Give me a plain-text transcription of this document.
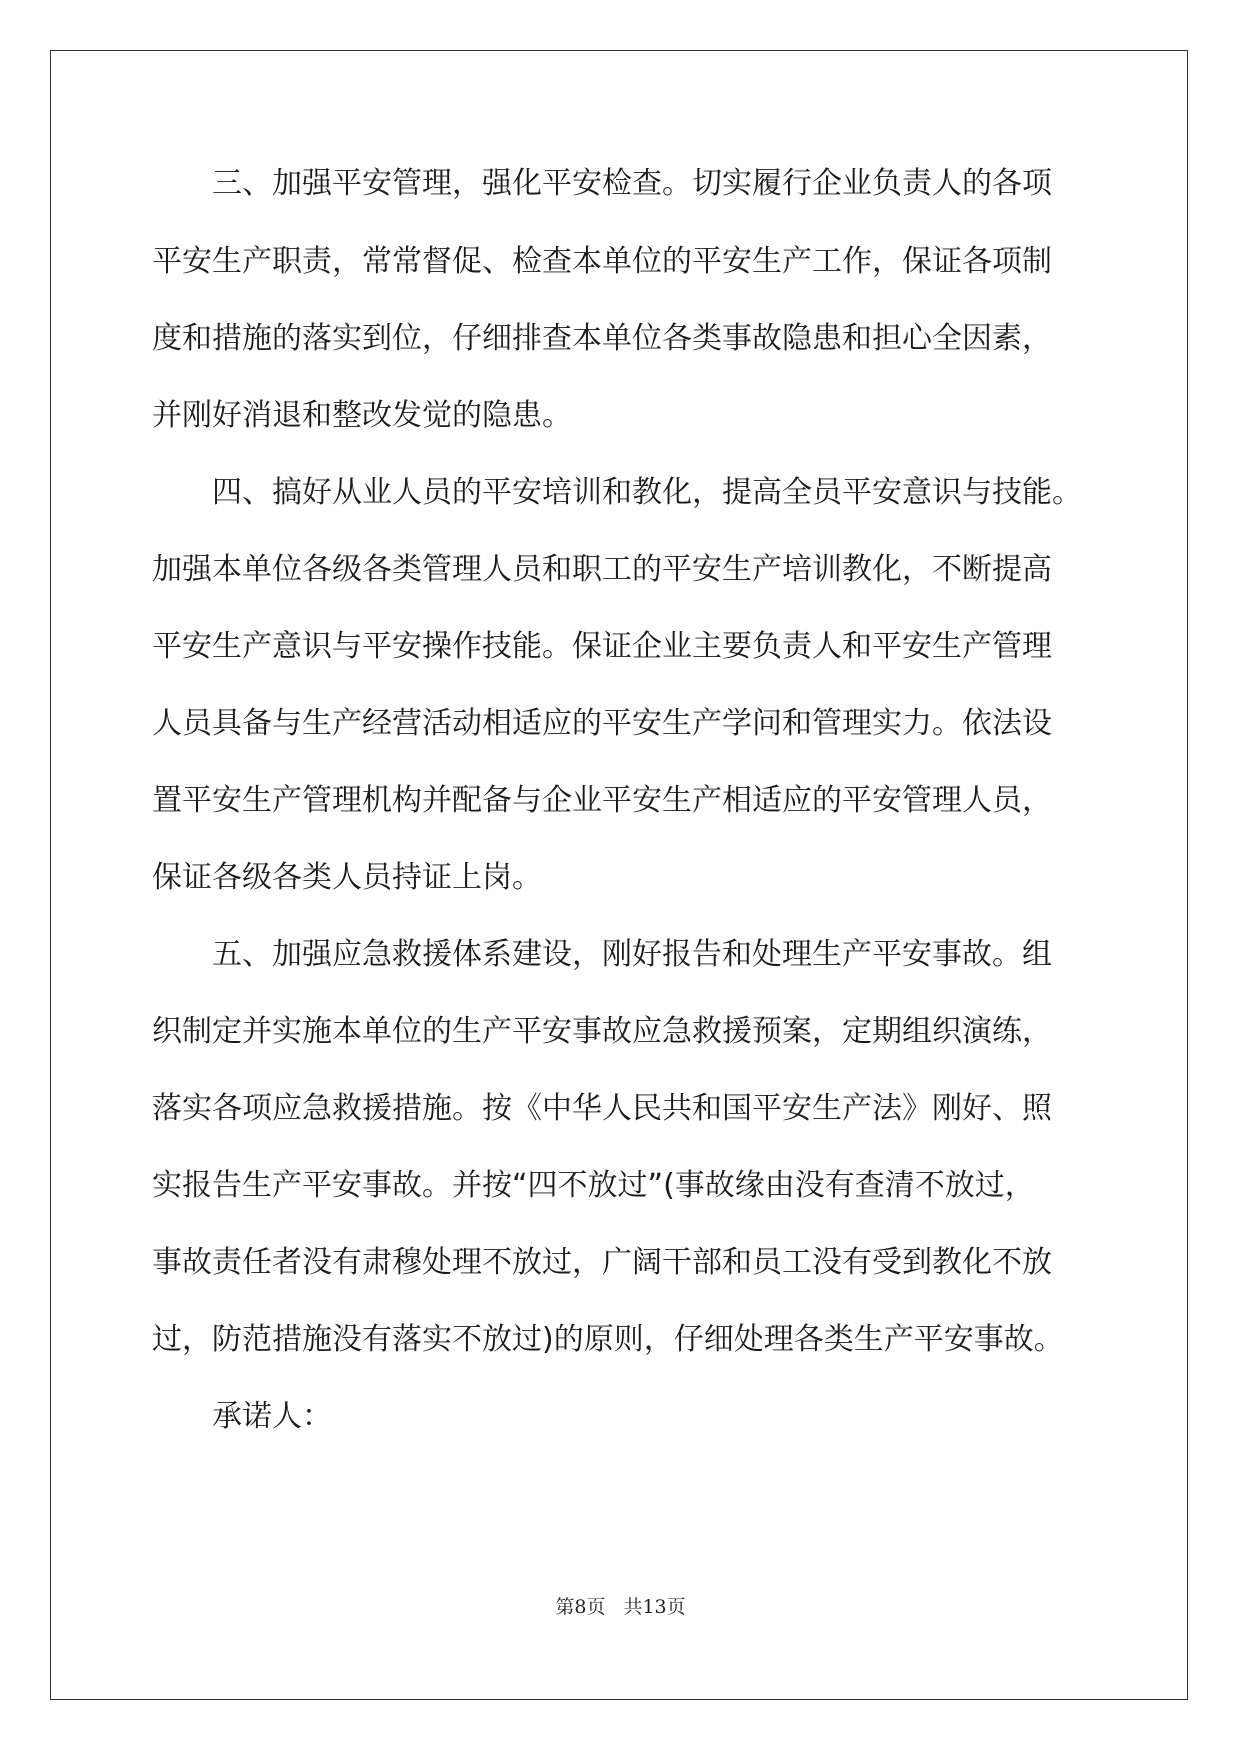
三、加强平安管理，强化平安检查。切实履行企业负责人的各项
平安生产职责，常常督促、检查本单位的平安生产工作，保证各项制
度和措施的落实到位，仔细排查本单位各类事故隐患和担心全因素，
并刚好消退和整改发觉的隐患。
四、搞好从业人员的平安培训和教化，提高全员平安意识与技能。
加强本单位各级各类管理人员和职工的平安生产培训教化，不断提高
平安生产意识与平安操作技能。保证企业主要负责人和平安生产管理
人员具备与生产经营活动相适应的平安生产学问和管理实力。依法设
置平安生产管理机构并配备与企业平安生产相适应的平安管理人员，
保证各级各类人员持证上岗。
五、加强应急救援体系建设，刚好报告和处理生产平安事故。组
织制定并实施本单位的生产平安事故应急救援预案，定期组织演练，
落实各项应急救援措施。按《中华人民共和国平安生产法》刚好、照
实报告生产平安事故。并按“四不放过”(事故缘由没有查清不放过，
事故责任者没有肃穆处理不放过，广阔干部和员工没有受到教化不放
过，防范措施没有落实不放过)的原则，仔细处理各类生产平安事故。
承诺人：
第8页 共13页
